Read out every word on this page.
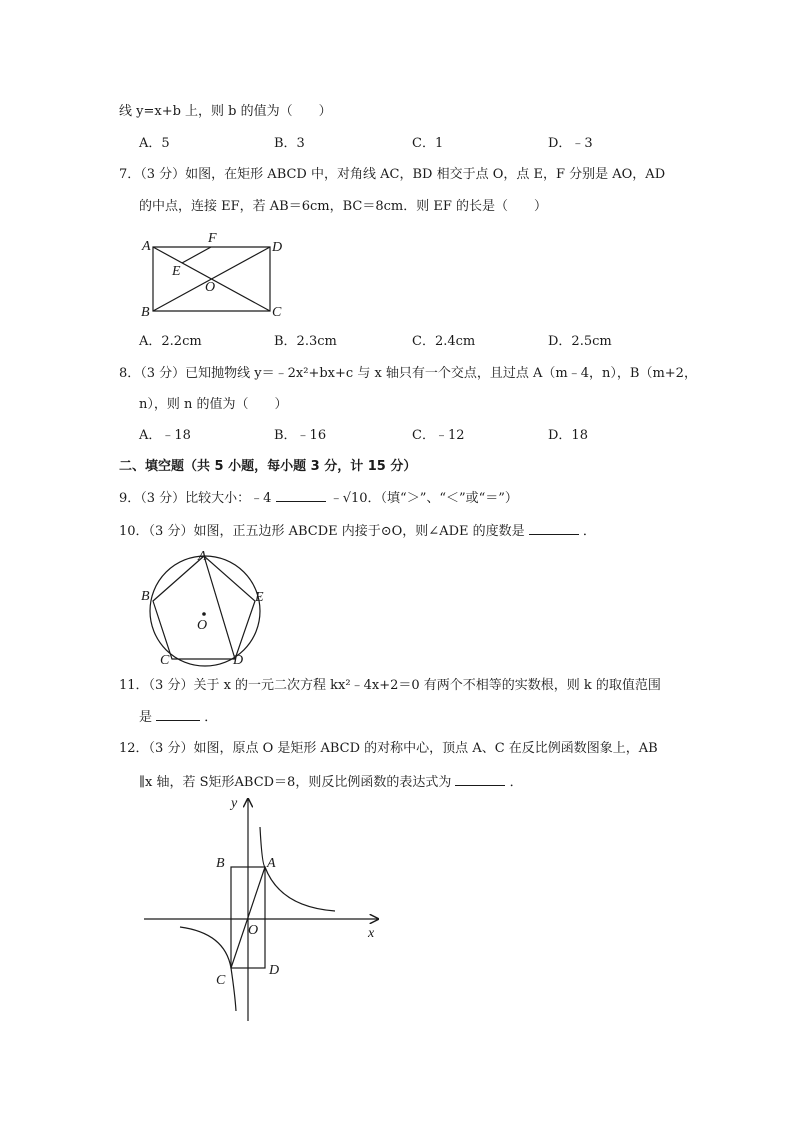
线 y=x+b 上，则 b 的值为（　　）
A．5	B．3	C．1	D．﹣3
7．（3 分）如图，在矩形 ABCD 中，对角线 AC，BD 相交于点 O，点 E，F 分别是 AO，AD
的中点，连接 EF，若 AB＝6cm，BC＝8cm．则 EF 的长是（　　）
A
F
D
E
O
B	C
A．2.2cm	B．2.3cm	C．2.4cm	D．2.5cm
8．（3 分）已知抛物线 y＝﹣2x²+bx+c 与 x 轴只有一个交点，且过点 A（m﹣4，n），B（m+2，
n），则 n 的值为（　　）
A．﹣18	B．﹣16	C．﹣12	D．18
二、填空题（共 5 小题，每小题 3 分，计 15 分）
9．（3 分）比较大小：﹣4	﹣√10．（填“＞”、“＜”或“＝”）
10．（3 分）如图，正五边形 ABCDE 内接于⊙O，则∠ADE 的度数是	．
A
B	E
O
C	D
11．（3 分）关于 x 的一元二次方程 kx²﹣4x+2＝0 有两个不相等的实数根，则 k 的取值范围
是	．
12．（3 分）如图，原点 O 是矩形 ABCD 的对称中心，顶点 A、C 在反比例函数图象上，AB
∥x 轴，若 S矩形ABCD＝8，则反比例函数的表达式为	．
y
B	A
O	x
C
D
